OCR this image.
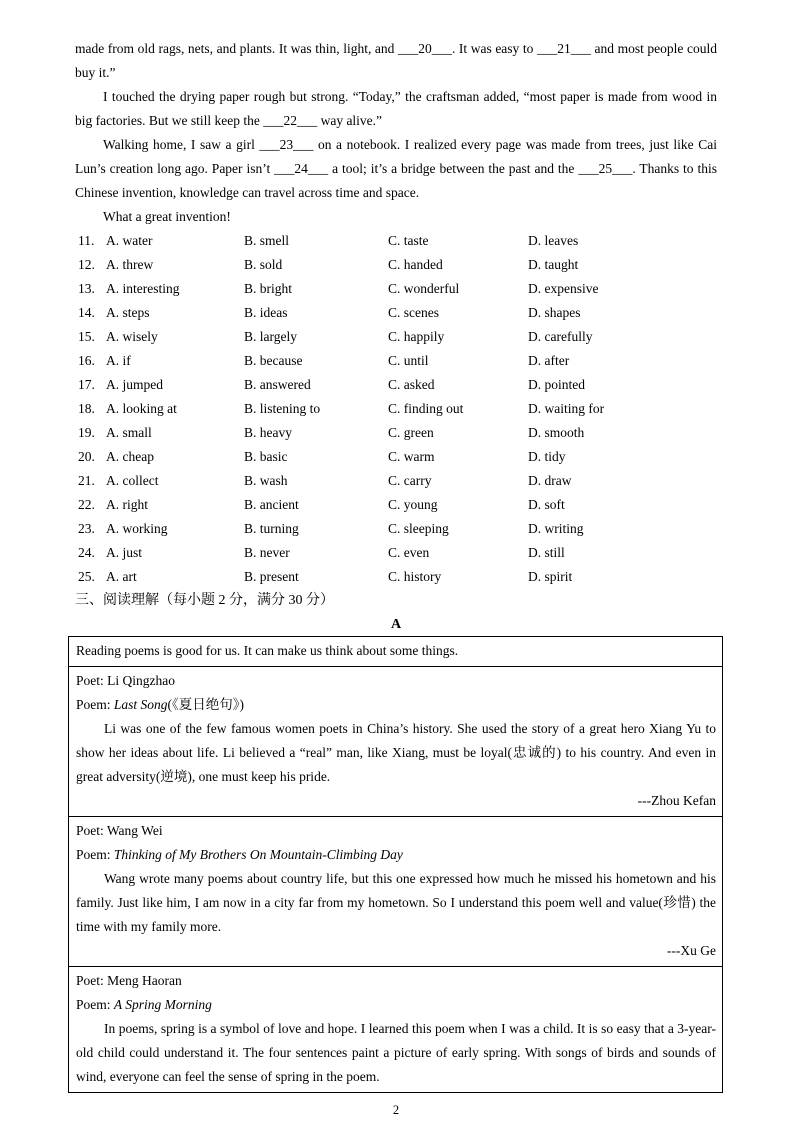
made from old rags, nets, and plants. It was thin, light, and ___20___. It was easy to ___21___ and most people could buy it.”

I touched the drying paper rough but strong. “Today,” the craftsman added, “most paper is made from wood in big factories. But we still keep the ___22___ way alive.”

Walking home, I saw a girl ___23___ on a notebook. I realized every page was made from trees, just like Cai Lun’s creation long ago. Paper isn’t ___24___ a tool; it’s a bridge between the past and the ___25___. Thanks to this Chinese invention, knowledge can travel across time and space.

What a great invention!

11. A. water	B. smell	C. taste	D. leaves
12. A. threw	B. sold	C. handed	D. taught
13. A. interesting	B. bright	C. wonderful	D. expensive
14. A. steps	B. ideas	C. scenes	D. shapes
15. A. wisely	B. largely	C. happily	D. carefully
16. A. if	B. because	C. until	D. after
17. A. jumped	B. answered	C. asked	D. pointed
18. A. looking at	B. listening to	C. finding out	D. waiting for
19. A. small	B. heavy	C. green	D. smooth
20. A. cheap	B. basic	C. warm	D. tidy
21. A. collect	B. wash	C. carry	D. draw
22. A. right	B. ancient	C. young	D. soft
23. A. working	B. turning	C. sleeping	D. writing
24. A. just	B. never	C. even	D. still
25. A. art	B. present	C. history	D. spirit

三、阅读理解（每小题 2 分，满分 30 分）

A

Reading poems is good for us. It can make us think about some things.

Poet: Li Qingzhao

Poem: Last Song(《夏日绝句》)

Li was one of the few famous women poets in China’s history. She used the story of a great hero Xiang Yu to show her ideas about life. Li believed a “real” man, like Xiang, must be loyal(忠诚的) to his country. And even in great adversity(逆境), one must keep his pride.

---Zhou Kefan

Poet: Wang Wei

Poem: Thinking of My Brothers On Mountain-Climbing Day

Wang wrote many poems about country life, but this one expressed how much he missed his hometown and his family. Just like him, I am now in a city far from my hometown. So I understand this poem well and value(珍惜) the time with my family more.

---Xu Ge

Poet: Meng Haoran

Poem: A Spring Morning

In poems, spring is a symbol of love and hope. I learned this poem when I was a child. It is so easy that a 3-year-old child could understand it. The four sentences paint a picture of early spring. With songs of birds and sounds of wind, everyone can feel the sense of spring in the poem.

2
